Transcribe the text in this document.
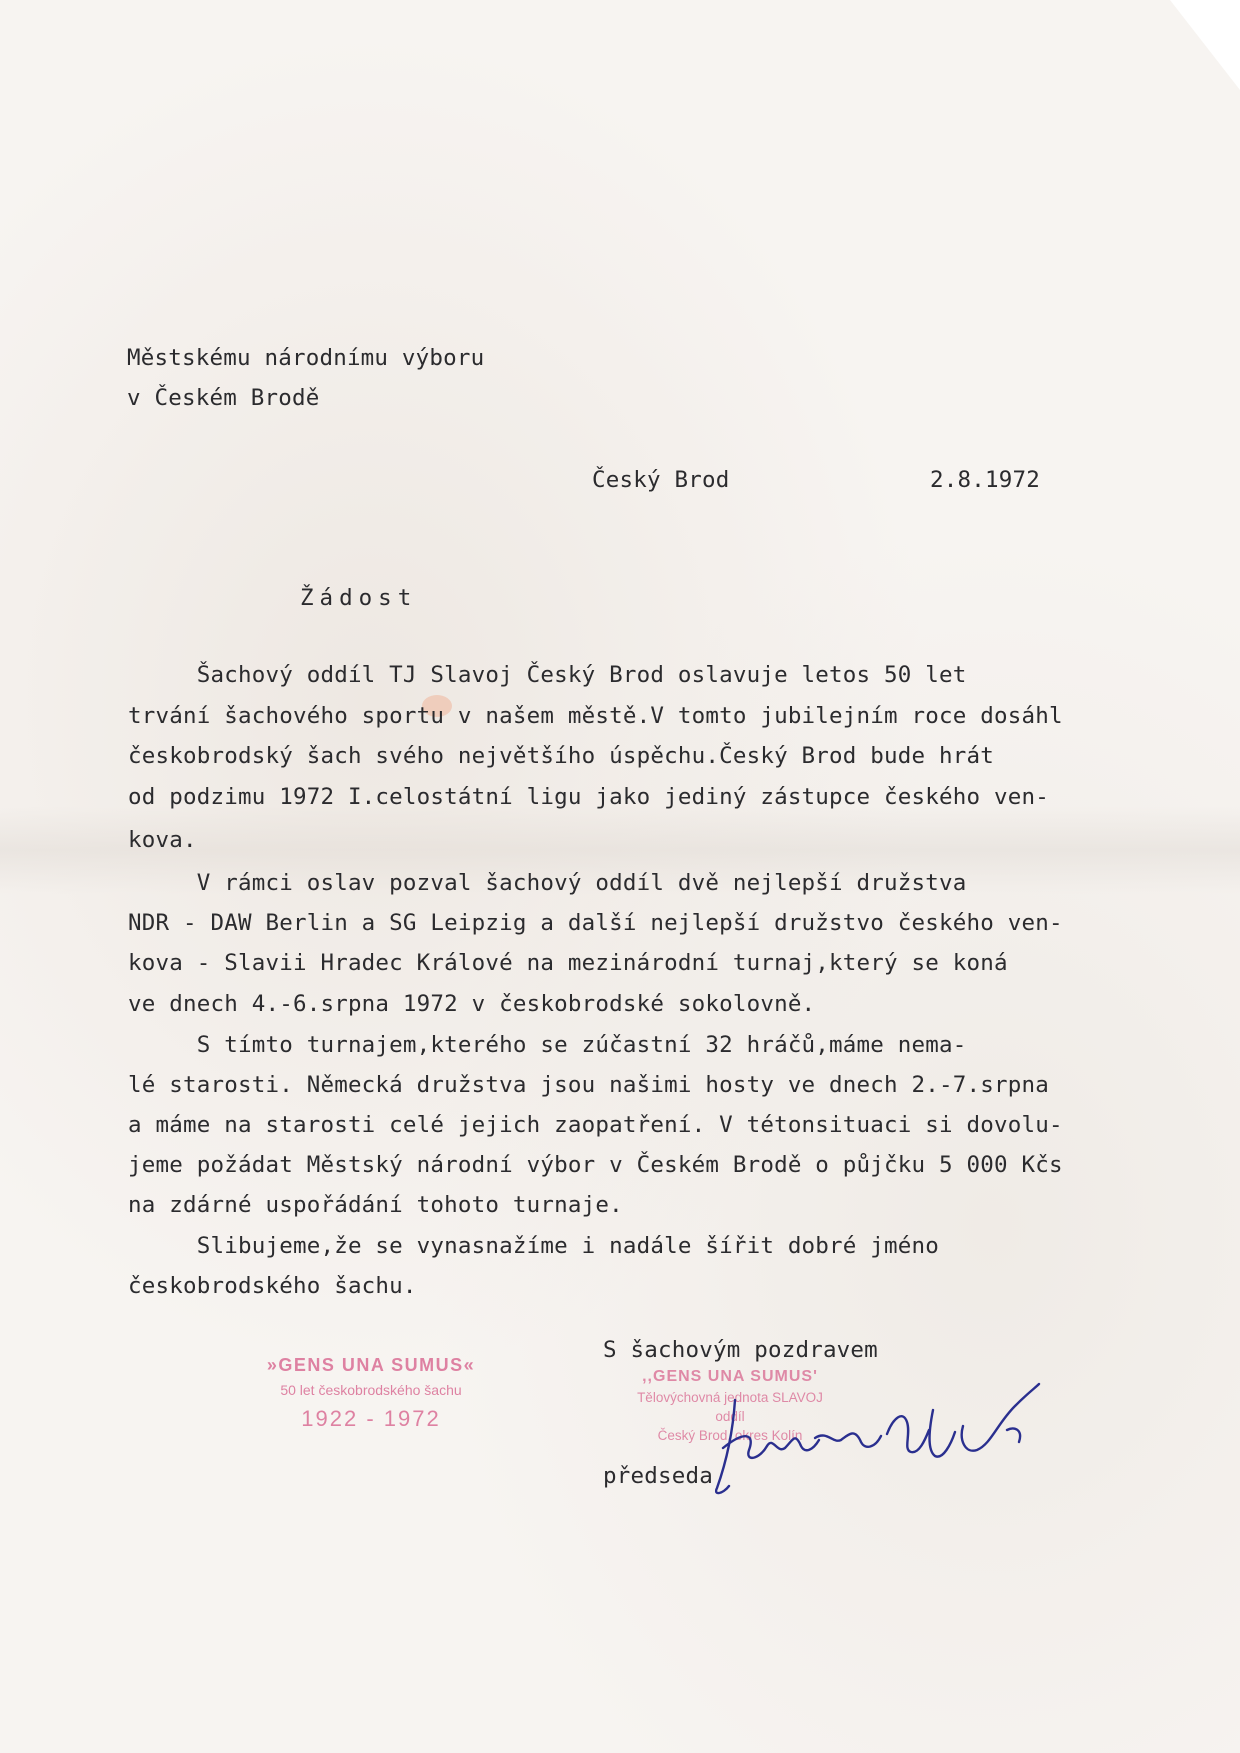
Městskému národnímu výboru
v Českém Brodě
Český Brod	2.8.1972
Žádost
Šachový oddíl TJ Slavoj Český Brod oslavuje letos 50 let
trvání šachového sportu v našem městě.V tomto jubilejním roce dosáhl
českobrodský šach svého největšího úspěchu.Český Brod bude hrát
od podzimu 1972 I.celostátní ligu jako jediný zástupce českého ven-
kova.
V rámci oslav pozval šachový oddíl dvě nejlepší družstva
NDR - DAW Berlin a SG Leipzig a další nejlepší družstvo českého ven-
kova - Slavii Hradec Králové na mezinárodní turnaj,který se koná
ve dnech 4.-6.srpna 1972 v českobrodské sokolovně.
S tímto turnajem,kterého se zúčastní 32 hráčů,máme nema-
lé starosti. Německá družstva jsou našimi hosty ve dnech 2.-7.srpna
a máme na starosti celé jejich zaopatření. V tétonsituaci si dovolu-
jeme požádat Městský národní výbor v Českém Brodě o půjčku 5 000 Kčs
na zdárné uspořádání tohoto turnaje.
Slibujeme,že se vynasnažíme i nadále šířit dobré jméno
českobrodského šachu.
»GENS UNA SUMUS«
50 let českobrodského šachu
1922 - 1972
S šachovým pozdravem
,,GENS UNA SUMUS'
Tělovýchovná jednota SLAVOJ
oddíl
Český Brod, okres Kolín
předseda
